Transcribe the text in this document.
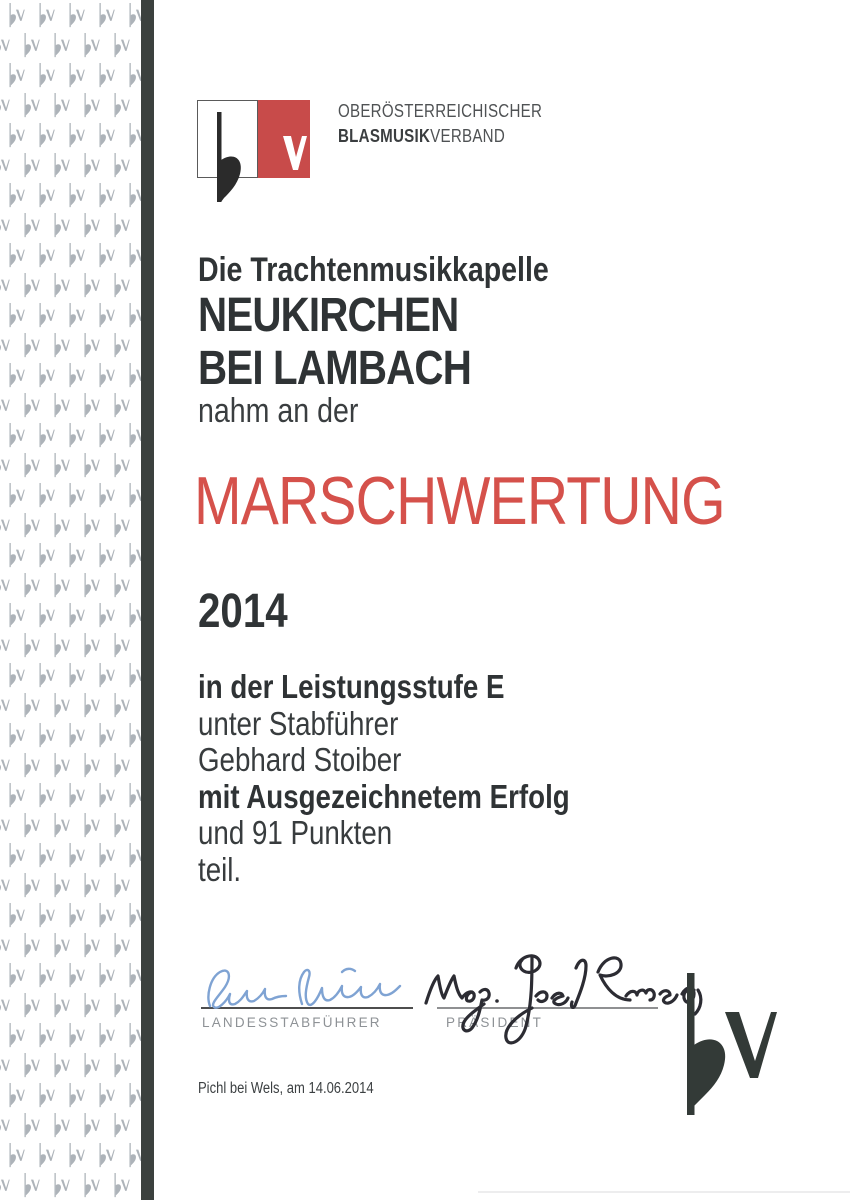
OBERÖSTERREICHISCHER
BLASMUSIKVERBAND
Die Trachtenmusikkapelle
NEUKIRCHEN
BEI LAMBACH
nahm an der
MARSCHWERTUNG
2014
in der Leistungsstufe E
unter Stabführer
Gebhard Stoiber
mit Ausgezeichnetem Erfolg
und 91 Punkten
teil.
LANDESSTABFÜHRER	PRÄSIDENT
Pichl bei Wels, am 14.06.2014
